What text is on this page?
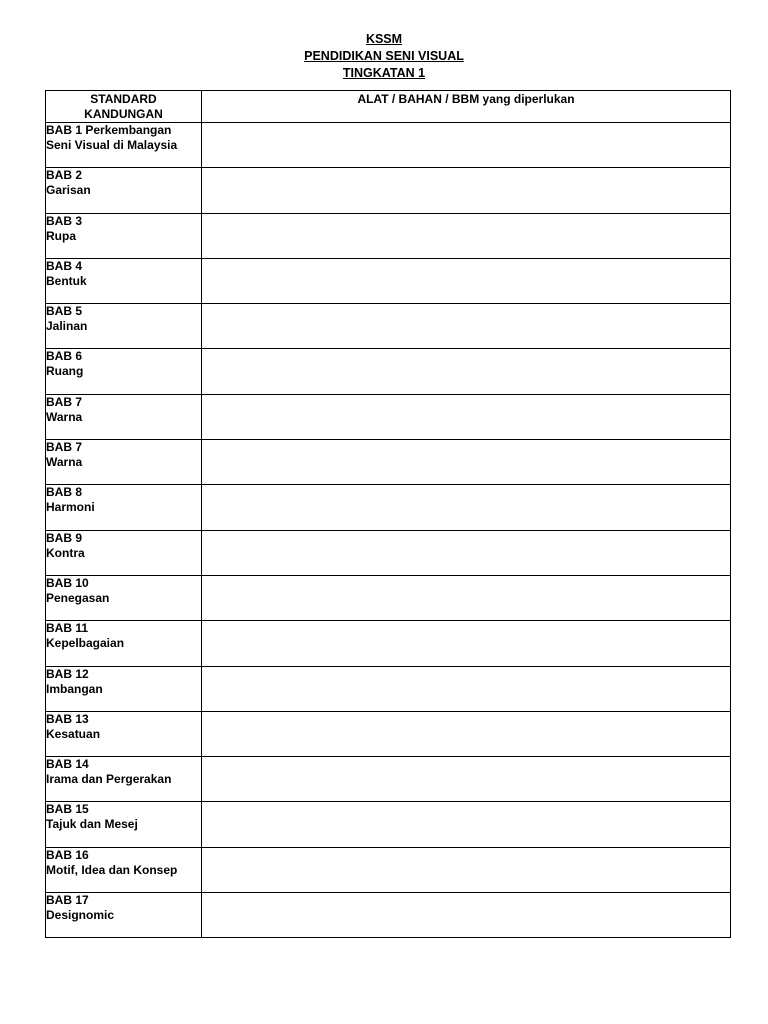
KSSM
PENDIDIKAN SENI VISUAL
TINGKATAN 1
STANDARD
KANDUNGAN	ALAT / BAHAN / BBM yang diperlukan

BAB 1 Perkembangan
Seni Visual di Malaysia	

BAB 2
Garisan	

BAB 3
Rupa	

BAB 4
Bentuk	

BAB 5
Jalinan	

BAB 6
Ruang	

BAB 7
Warna	

BAB 7
Warna	

BAB 8
Harmoni	

BAB 9
Kontra	

BAB 10
Penegasan	

BAB 11
Kepelbagaian	

BAB 12
Imbangan	

BAB 13
Kesatuan	

BAB 14
Irama dan Pergerakan	

BAB 15
Tajuk dan Mesej	

BAB 16
Motif, Idea dan Konsep	

BAB 17
Designomic	
